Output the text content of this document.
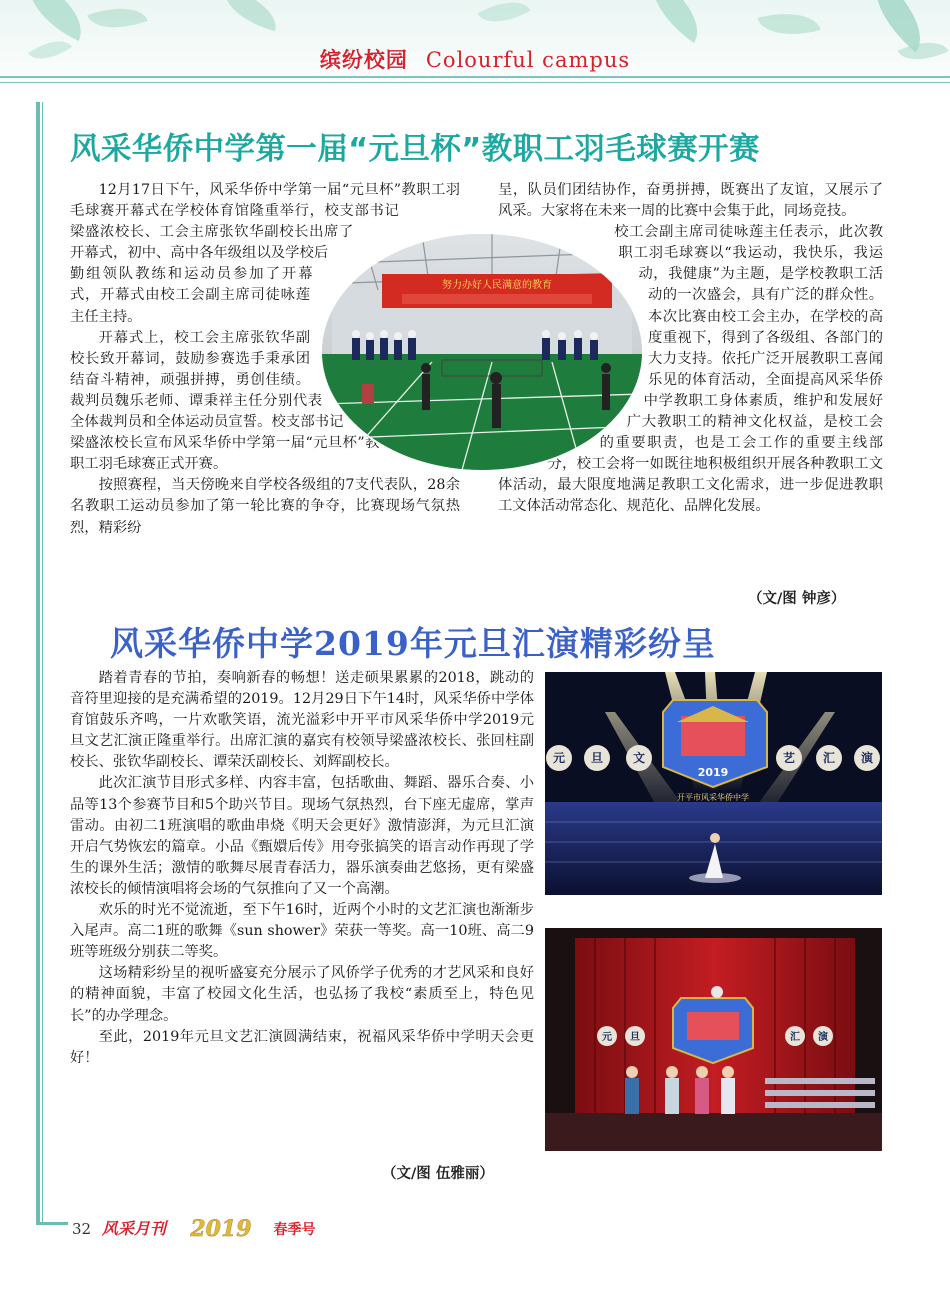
缤纷校园 Colourful campus
风采华侨中学第一届“元旦杯”教职工羽毛球赛开赛

12月17日下午，风采华侨中学第一届“元旦杯”教职工羽毛球赛开幕式在学校体育馆隆重举行，校支部书记梁盛浓校长、工会主席张钦华副校长出席了开幕式，初中、高中各年级组以及学校后勤组领队教练和运动员参加了开幕式，开幕式由校工会副主席司徒咏莲主任主持。

开幕式上，校工会主席张钦华副校长致开幕词，鼓励参赛选手秉承团结奋斗精神，顽强拼搏，勇创佳绩。裁判员魏乐老师、谭秉祥主任分别代表全体裁判员和全体运动员宣誓。校支部书记梁盛浓校长宣布风采华侨中学第一届“元旦杯”教职工羽毛球赛正式开赛。

按照赛程，当天傍晚来自学校各级组的7支代表队，28余名教职工运动员参加了第一轮比赛的争夺，比赛现场气氛热烈，精彩纷

呈，队员们团结协作，奋勇拼搏，既赛出了友谊，又展示了风采。大家将在未来一周的比赛中会集于此，同场竞技。

校工会副主席司徒咏莲主任表示，此次教职工羽毛球赛以“我运动，我快乐，我运动，我健康”为主题，是学校教职工活动的一次盛会，具有广泛的群众性。本次比赛由校工会主办，在学校的高度重视下，得到了各级组、各部门的大力支持。依托广泛开展教职工喜闻乐见的体育活动，全面提高风采华侨中学教职工身体素质，维护和发展好广大教职工的精神文化权益，是校工会的重要职责，也是工会工作的重要主线部分，校工会将一如既往地积极组织开展各种教职工文体活动，最大限度地满足教职工文化需求，进一步促进教职工文体活动常态化、规范化、品牌化发展。

（文/图 钟彦）
努力办好人民满意的教育
风采华侨中学2019年元旦汇演精彩纷呈

踏着青春的节拍，奏响新春的畅想！送走硕果累累的2018，跳动的音符里迎接的是充满希望的2019。12月29日下午14时，风采华侨中学体育馆鼓乐齐鸣，一片欢歌笑语，流光溢彩中开平市风采华侨中学2019元旦文艺汇演正隆重举行。出席汇演的嘉宾有校领导梁盛浓校长、张回柱副校长、张钦华副校长、谭荣沃副校长、刘辉副校长。

此次汇演节目形式多样、内容丰富，包括歌曲、舞蹈、器乐合奏、小品等13个参赛节目和5个助兴节目。现场气氛热烈，台下座无虚席，掌声雷动。由初二1班演唱的歌曲串烧《明天会更好》激情澎湃，为元旦汇演开启气势恢宏的篇章。小品《甄嬛后传》用夸张搞笑的语言动作再现了学生的课外生活；激情的歌舞尽展青春活力，器乐演奏曲艺悠扬，更有梁盛浓校长的倾情演唱将会场的气氛推向了又一个高潮。

欢乐的时光不觉流逝，至下午16时，近两个小时的文艺汇演也渐渐步入尾声。高二1班的歌舞《sun shower》荣获一等奖。高一10班、高二9班等班级分别获二等奖。

这场精彩纷呈的视听盛宴充分展示了风侨学子优秀的才艺风采和良好的精神面貌，丰富了校园文化生活，也弘扬了我校“素质至上，特色见长”的办学理念。

至此，2019年元旦文艺汇演圆满结束，祝福风采华侨中学明天会更好！

（文/图 伍雅丽）
2019
开平市风采华侨中学
元 旦 文	艺 汇 演
元 旦	汇 演
32 风采月刊 2019 春季号
